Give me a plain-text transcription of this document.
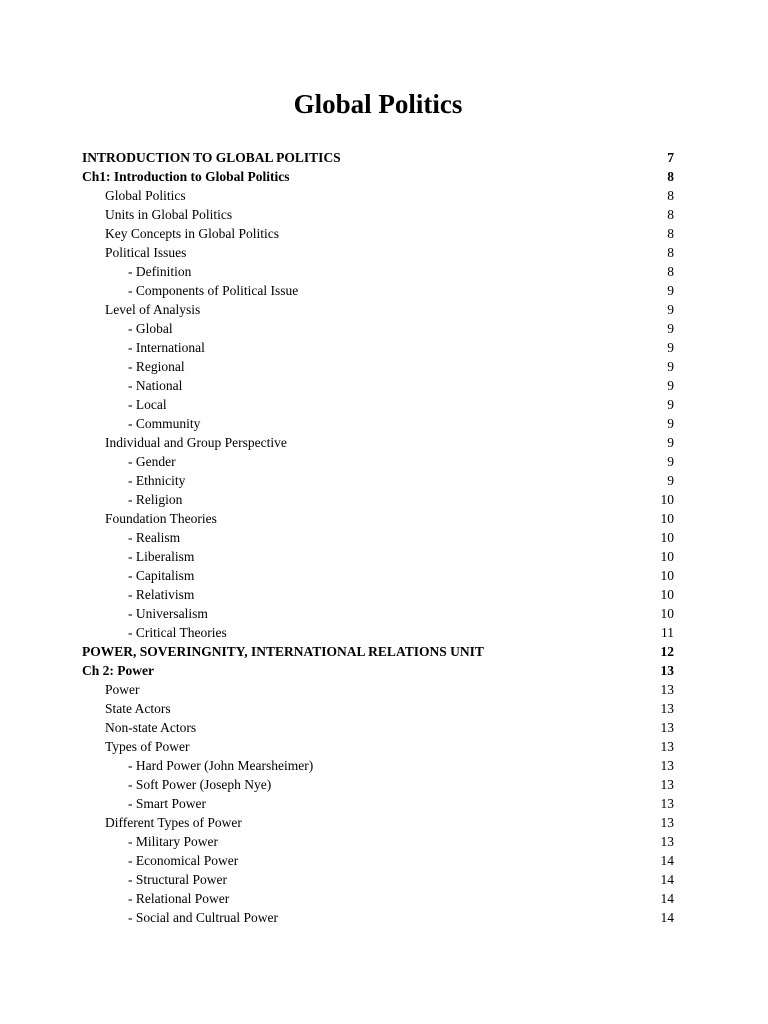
Global Politics
INTRODUCTION TO GLOBAL POLITICS	7
Ch1: Introduction to Global Politics	8
Global Politics	8
Units in Global Politics	8
Key Concepts in Global Politics	8
Political Issues	8
- Definition	8
- Components of Political Issue	9
Level of Analysis	9
- Global	9
- International	9
- Regional	9
- National	9
- Local	9
- Community	9
Individual and Group Perspective	9
- Gender	9
- Ethnicity	9
- Religion	10
Foundation Theories	10
- Realism	10
- Liberalism	10
- Capitalism	10
- Relativism	10
- Universalism	10
- Critical Theories	11
POWER, SOVERINGNITY, INTERNATIONAL RELATIONS UNIT	12
Ch 2: Power	13
Power	13
State Actors	13
Non-state Actors	13
Types of Power	13
- Hard Power (John Mearsheimer)	13
- Soft Power (Joseph Nye)	13
- Smart Power	13
Different Types of Power	13
- Military Power	13
- Economical Power	14
- Structural Power	14
- Relational Power	14
- Social and Cultrual Power	14
